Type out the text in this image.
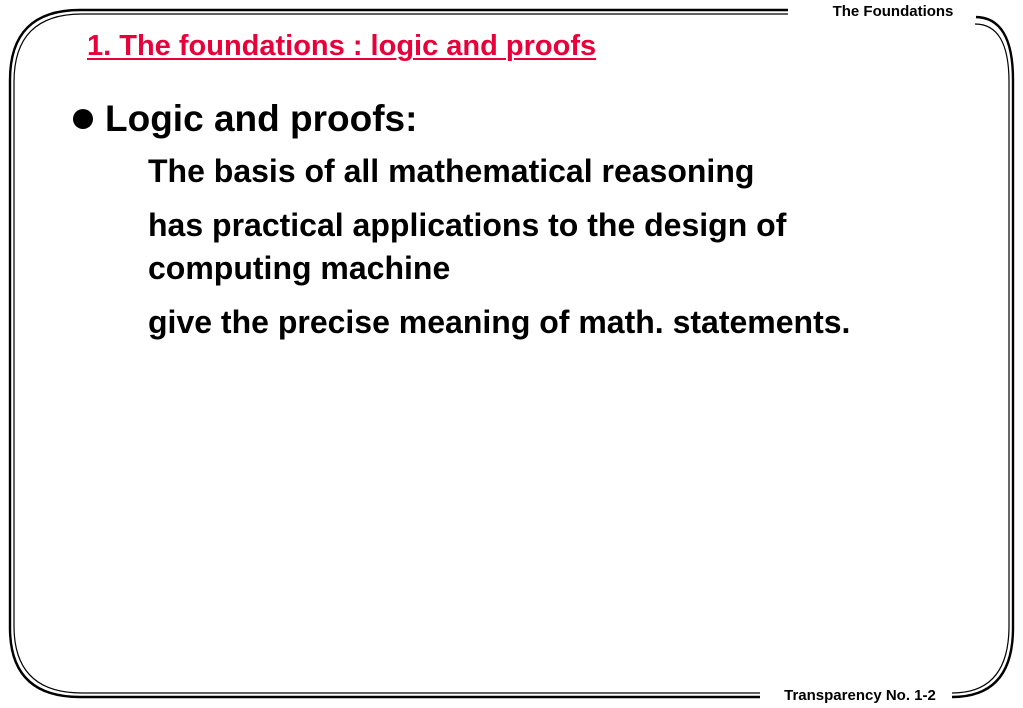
The Foundations
1. The foundations : logic and proofs
Logic and proofs:
The basis of all mathematical reasoning
has practical applications to the design of computing machine
give the precise meaning of math. statements.
Transparency No. 1-2
